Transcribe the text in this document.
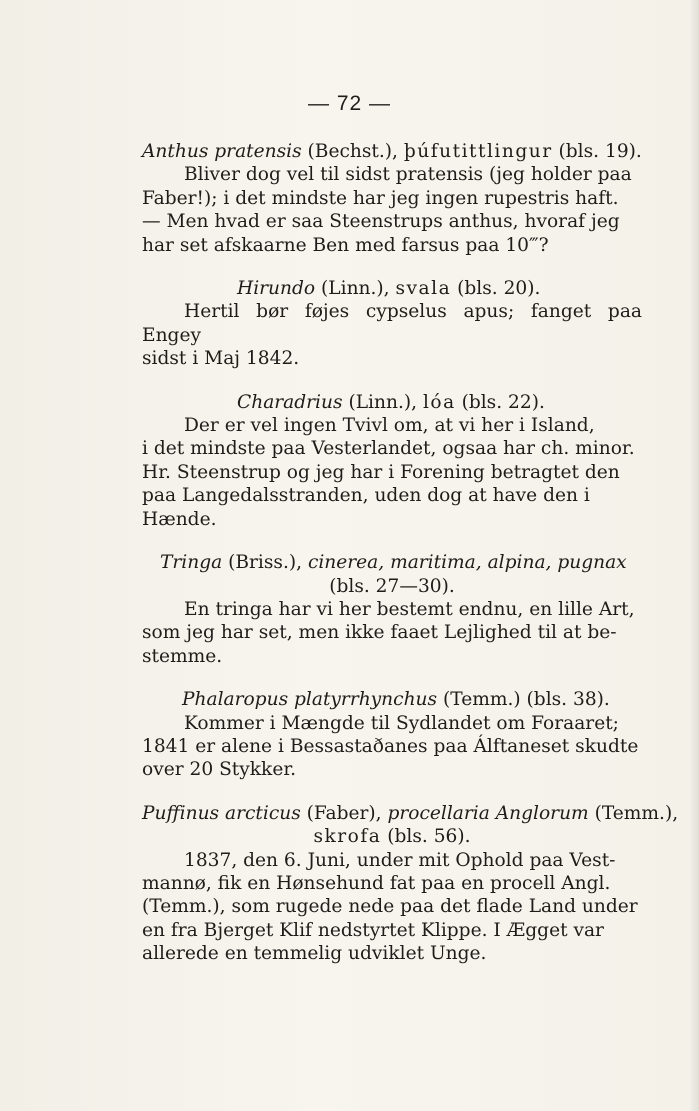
— 72 —

Anthus pratensis (Bechst.), þúfutittlingur (bls. 19).

Bliver dog vel til sidst pratensis (jeg holder paa
Faber!); i det mindste har jeg ingen rupestris haft.
— Men hvad er saa Steenstrups anthus, hvoraf jeg
har set afskaarne Ben med farsus paa 10‴?

Hirundo (Linn.), svala (bls. 20).

Hertil bør føjes cypselus apus; fanget paa Engey
sidst i Maj 1842.

Charadrius (Linn.), lóa (bls. 22).

Der er vel ingen Tvivl om, at vi her i Island,
i det mindste paa Vesterlandet, ogsaa har ch. minor.
Hr. Steenstrup og jeg har i Forening betragtet den
paa Langedalsstranden, uden dog at have den i
Hænde.

Tringa (Briss.), cinerea, maritima, alpina, pugnax

(bls. 27—30).

En tringa har vi her bestemt endnu, en lille Art,
som jeg har set, men ikke faaet Lejlighed til at be-
stemme.

Phalaropus platyrrhynchus (Temm.) (bls. 38).

Kommer i Mængde til Sydlandet om Foraaret;
1841 er alene i Bessastaðanes paa Álftaneset skudte
over 20 Stykker.

Puffinus arcticus (Faber), procellaria Anglorum (Temm.),

skrofa (bls. 56).

1837, den 6. Juni, under mit Ophold paa Vest-
mannø, fik en Hønsehund fat paa en procell Angl.
(Temm.), som rugede nede paa det flade Land under
en fra Bjerget Klif nedstyrtet Klippe. I Ægget var
allerede en temmelig udviklet Unge.
